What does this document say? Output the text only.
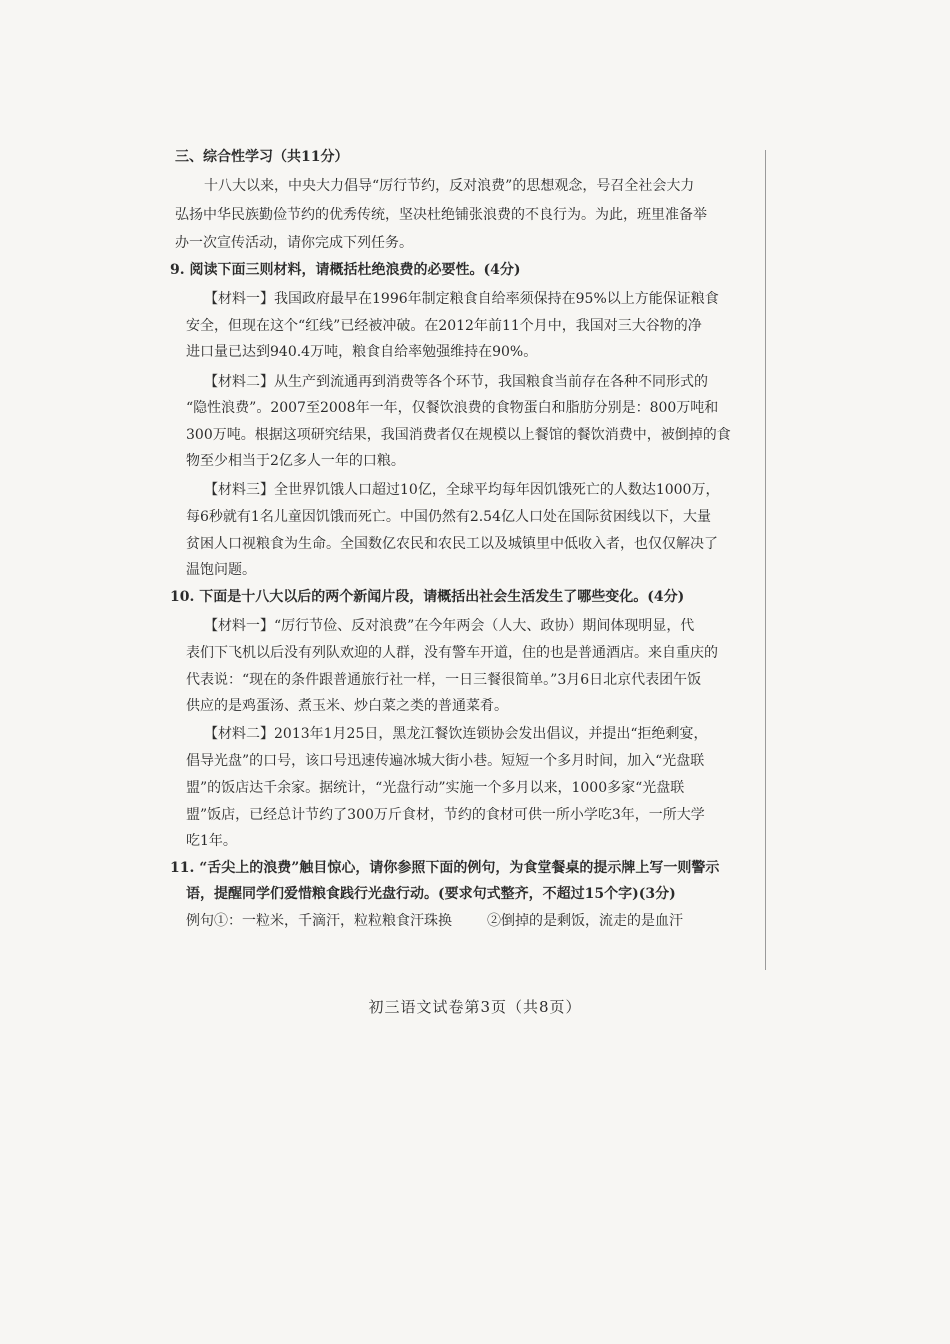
三、综合性学习（共11分）
十八大以来，中央大力倡导“厉行节约，反对浪费”的思想观念，号召全社会大力
弘扬中华民族勤俭节约的优秀传统，坚决杜绝铺张浪费的不良行为。为此，班里准备举
办一次宣传活动，请你完成下列任务。
9. 阅读下面三则材料，请概括杜绝浪费的必要性。(4分)
【材料一】我国政府最早在1996年制定粮食自给率须保持在95%以上方能保证粮食
安全，但现在这个“红线”已经被冲破。在2012年前11个月中，我国对三大谷物的净
进口量已达到940.4万吨，粮食自给率勉强维持在90%。
【材料二】从生产到流通再到消费等各个环节，我国粮食当前存在各种不同形式的
“隐性浪费”。2007至2008年一年，仅餐饮浪费的食物蛋白和脂肪分别是：800万吨和
300万吨。根据这项研究结果，我国消费者仅在规模以上餐馆的餐饮消费中，被倒掉的食
物至少相当于2亿多人一年的口粮。
【材料三】全世界饥饿人口超过10亿，全球平均每年因饥饿死亡的人数达1000万，
每6秒就有1名儿童因饥饿而死亡。中国仍然有2.54亿人口处在国际贫困线以下，大量
贫困人口视粮食为生命。全国数亿农民和农民工以及城镇里中低收入者，也仅仅解决了
温饱问题。
10. 下面是十八大以后的两个新闻片段，请概括出社会生活发生了哪些变化。(4分)
【材料一】“厉行节俭、反对浪费”在今年两会（人大、政协）期间体现明显，代
表们下飞机以后没有列队欢迎的人群，没有警车开道，住的也是普通酒店。来自重庆的
代表说：“现在的条件跟普通旅行社一样，一日三餐很简单。”3月6日北京代表团午饭
供应的是鸡蛋汤、煮玉米、炒白菜之类的普通菜肴。
【材料二】2013年1月25日，黑龙江餐饮连锁协会发出倡议，并提出“拒绝剩宴，
倡导光盘”的口号，该口号迅速传遍冰城大街小巷。短短一个多月时间，加入“光盘联
盟”的饭店达千余家。据统计，“光盘行动”实施一个多月以来，1000多家“光盘联
盟”饭店，已经总计节约了300万斤食材，节约的食材可供一所小学吃3年，一所大学
吃1年。
11. “舌尖上的浪费”触目惊心，请你参照下面的例句，为食堂餐桌的提示牌上写一则警示
语，提醒同学们爱惜粮食践行光盘行动。(要求句式整齐，不超过15个字)(3分)
例句①：一粒米，千滴汗，粒粒粮食汗珠换	②倒掉的是剩饭，流走的是血汗
初三语文试卷第3页（共8页）
